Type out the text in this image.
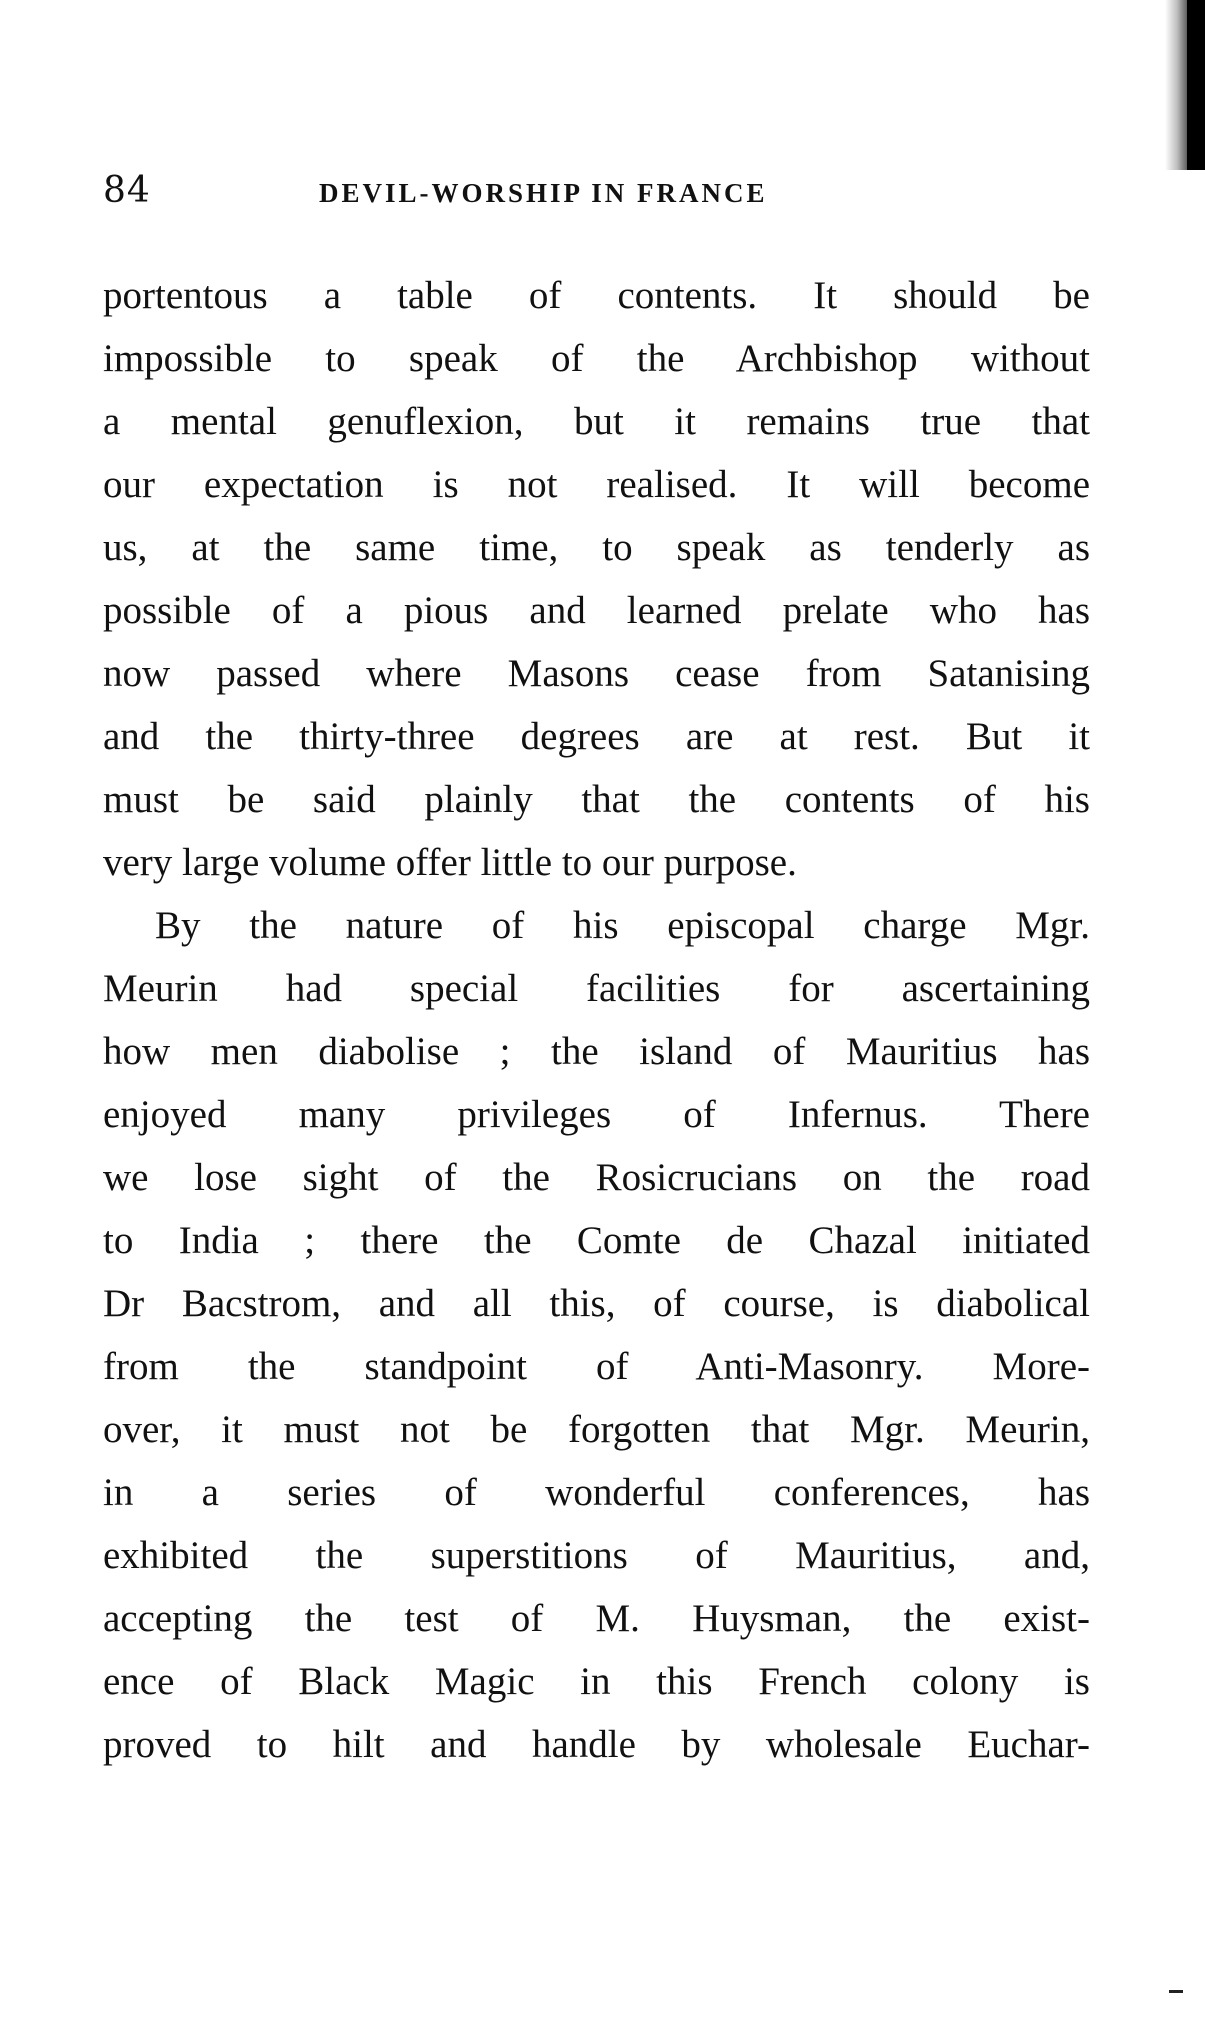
84	DEVIL-WORSHIP IN FRANCE
portentous a table of contents. It should be
impossible to speak of the Archbishop without
a mental genuflexion, but it remains true that
our expectation is not realised. It will become
us, at the same time, to speak as tenderly as
possible of a pious and learned prelate who has
now passed where Masons cease from Satanising
and the thirty-three degrees are at rest. But it
must be said plainly that the contents of his
very large volume offer little to our purpose.
By the nature of his episcopal charge Mgr.
Meurin had special facilities for ascertaining
how men diabolise ; the island of Mauritius has
enjoyed many privileges of Infernus. There
we lose sight of the Rosicrucians on the road
to India ; there the Comte de Chazal initiated
Dr Bacstrom, and all this, of course, is diabolical
from the standpoint of Anti-Masonry. More-
over, it must not be forgotten that Mgr. Meurin,
in a series of wonderful conferences, has
exhibited the superstitions of Mauritius, and,
accepting the test of M. Huysman, the exist-
ence of Black Magic in this French colony is
proved to hilt and handle by wholesale Euchar-
